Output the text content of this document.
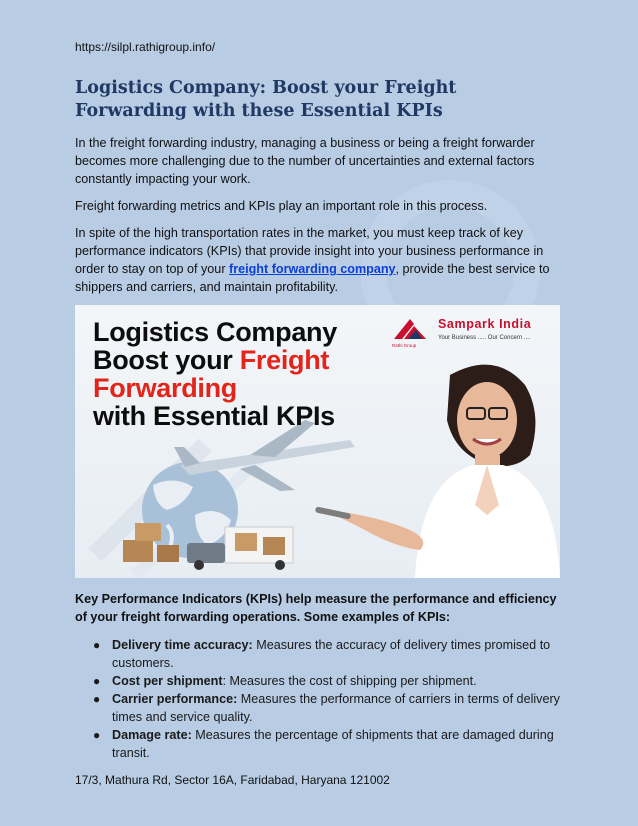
https://silpl.rathigroup.info/
Logistics Company: Boost your Freight Forwarding with these Essential KPIs

In the freight forwarding industry, managing a business or being a freight forwarder becomes more challenging due to the number of uncertainties and external factors constantly impacting your work.

Freight forwarding metrics and KPIs play an important role in this process.

In spite of the high transportation rates in the market, you must keep track of key performance indicators (KPIs) that provide insight into your business performance in order to stay on top of your freight forwarding company, provide the best service to shippers and carriers, and maintain profitability.

Logistics Company
Boost your Freight
Forwarding
with Essential KPIs
Sampark India
Your Business ..... Our Concern ....
Rathi Group

Key Performance Indicators (KPIs) help measure the performance and efficiency of your freight forwarding operations. Some examples of KPIs:

● Delivery time accuracy: Measures the accuracy of delivery times promised to customers.
● Cost per shipment: Measures the cost of shipping per shipment.
● Carrier performance: Measures the performance of carriers in terms of delivery times and service quality.
● Damage rate: Measures the percentage of shipments that are damaged during transit.
17/3, Mathura Rd, Sector 16A, Faridabad, Haryana 121002
